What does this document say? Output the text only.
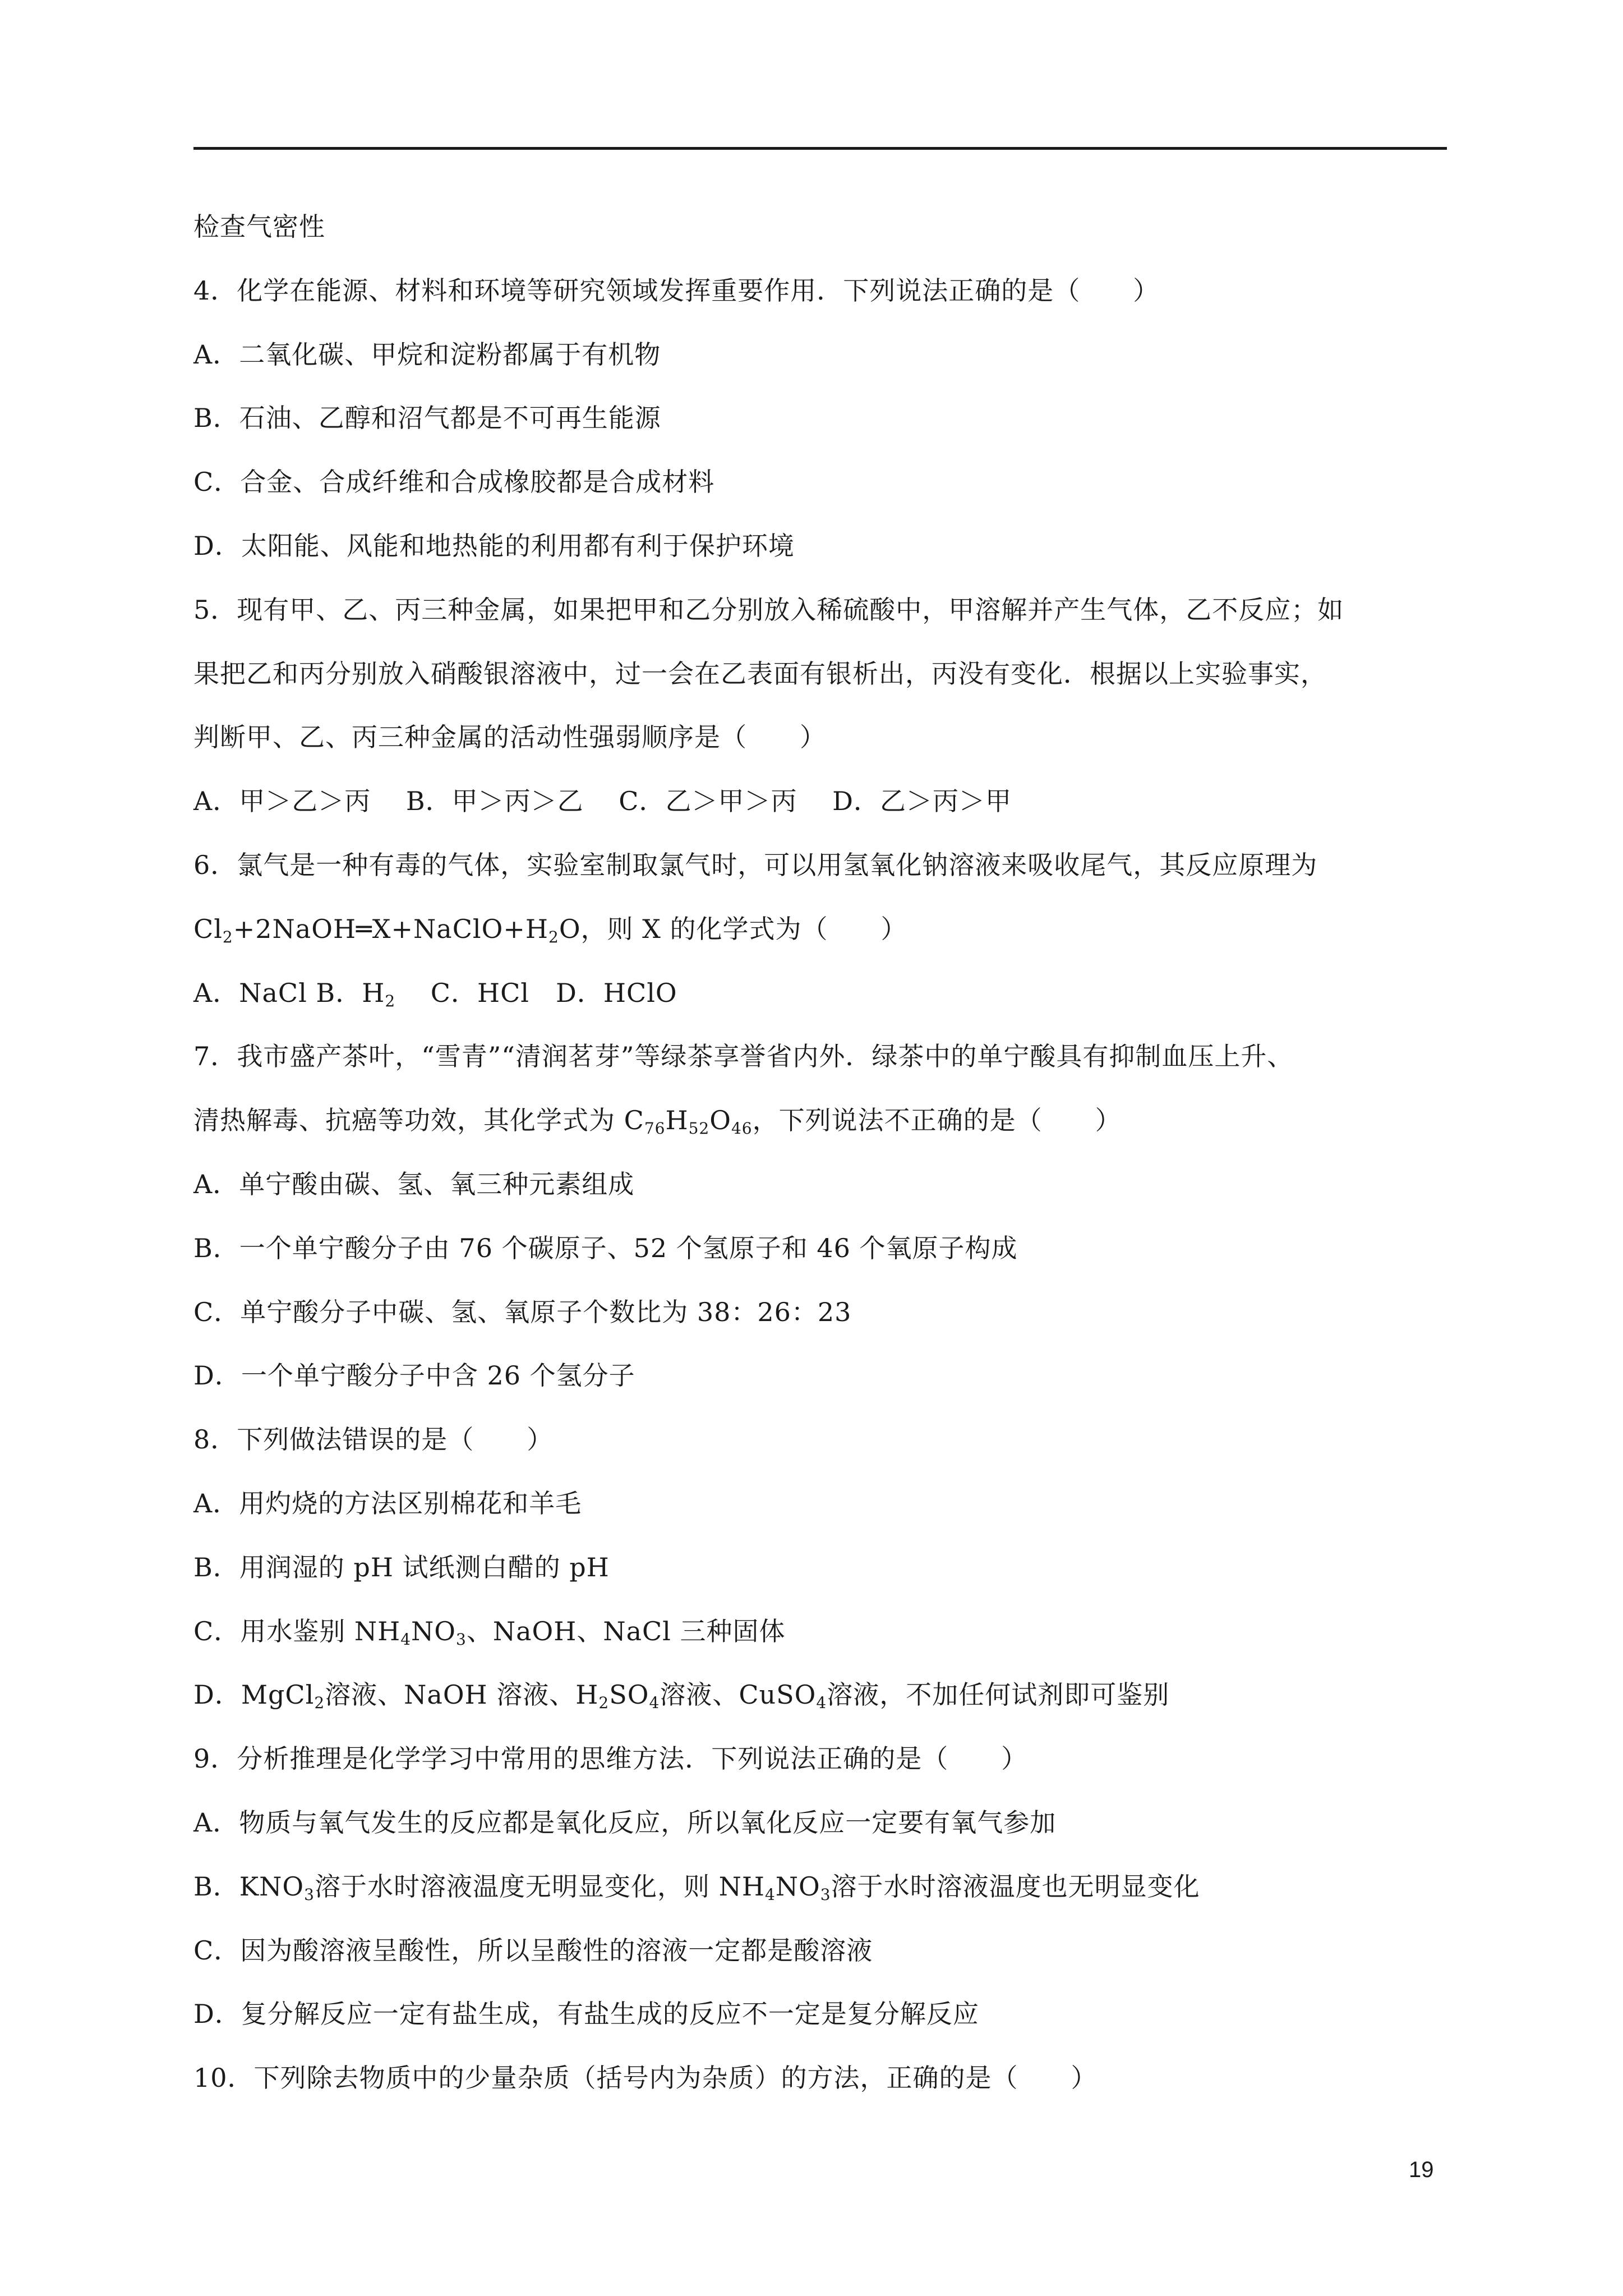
检查气密性
4．化学在能源、材料和环境等研究领域发挥重要作用．下列说法正确的是（　　）
A．二氧化碳、甲烷和淀粉都属于有机物
B．石油、乙醇和沼气都是不可再生能源
C．合金、合成纤维和合成橡胶都是合成材料
D．太阳能、风能和地热能的利用都有利于保护环境
5．现有甲、乙、丙三种金属，如果把甲和乙分别放入稀硫酸中，甲溶解并产生气体，乙不反应；如
果把乙和丙分别放入硝酸银溶液中，过一会在乙表面有银析出，丙没有变化．根据以上实验事实，
判断甲、乙、丙三种金属的活动性强弱顺序是（　　）
A．甲＞乙＞丙　 B．甲＞丙＞乙　 C．乙＞甲＞丙　 D．乙＞丙＞甲
6．氯气是一种有毒的气体，实验室制取氯气时，可以用氢氧化钠溶液来吸收尾气，其反应原理为
$Cl_2+2NaOH═X+NaClO+H_2O$，则 X 的化学式为（　　）
A．NaCl B．$H_2$　 C．HCl　D．HClO
7．我市盛产茶叶，“雪青”“清润茗芽”等绿茶享誉省内外．绿茶中的单宁酸具有抑制血压上升、
清热解毒、抗癌等功效，其化学式为 $C_{76}H_{52}O_{46}$，下列说法不正确的是（　　）
A．单宁酸由碳、氢、氧三种元素组成
B．一个单宁酸分子由 76 个碳原子、52 个氢原子和 46 个氧原子构成
C．单宁酸分子中碳、氢、氧原子个数比为 38：26：23
D．一个单宁酸分子中含 26 个氢分子
8．下列做法错误的是（　　）
A．用灼烧的方法区别棉花和羊毛
B．用润湿的 pH 试纸测白醋的 pH
C．用水鉴别 $NH_4NO_3$、NaOH、NaCl 三种固体
D．MgCl$_2$溶液、NaOH 溶液、$H_2SO_4$溶液、CuSO$_4$溶液，不加任何试剂即可鉴别
9．分析推理是化学学习中常用的思维方法．下列说法正确的是（　　）
A．物质与氧气发生的反应都是氧化反应，所以氧化反应一定要有氧气参加
B．$KNO_3$溶于水时溶液温度无明显变化，则 $NH_4NO_3$溶于水时溶液温度也无明显变化
C．因为酸溶液呈酸性，所以呈酸性的溶液一定都是酸溶液
D．复分解反应一定有盐生成，有盐生成的反应不一定是复分解反应
10．下列除去物质中的少量杂质（括号内为杂质）的方法，正确的是（　　）
19
